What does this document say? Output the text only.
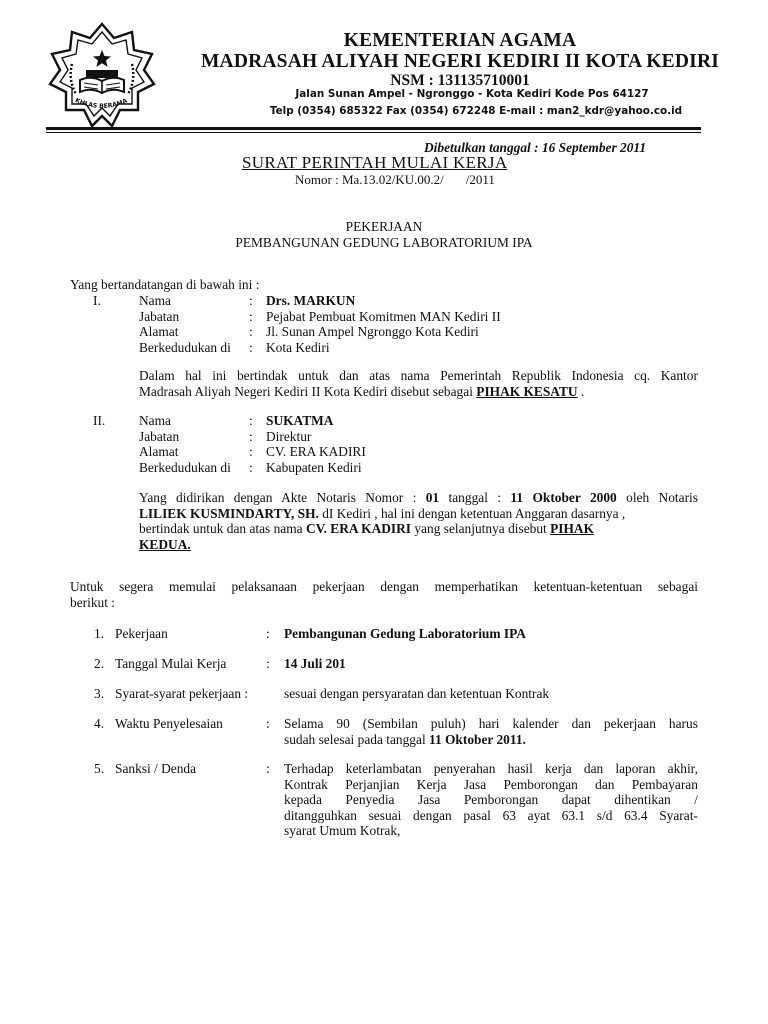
KHLAS BERAMA
KEMENTERIAN AGAMA
MADRASAH ALIYAH NEGERI KEDIRI II KOTA KEDIRI
NSM : 131135710001
Jalan Sunan Ampel - Ngronggo - Kota Kediri Kode Pos 64127
Telp (0354) 685322 Fax (0354) 672248 E-mail : man2_kdr@yahoo.co.id
Dibetulkan tanggal : 16 September 2011
SURAT PERINTAH MULAI KERJA
Nomor : Ma.13.02/KU.00.2/ /2011
PEKERJAAN
PEMBANGUNAN GEDUNG LABORATORIUM IPA
Yang bertandatangan di bawah ini :
I.	Nama	: Drs. MARKUN
Jabatan	: Pejabat Pembuat Komitmen MAN Kediri II
Alamat	: Jl. Sunan Ampel Ngronggo Kota Kediri
Berkedudukan di : Kota Kediri
Dalam hal ini bertindak untuk dan atas nama Pemerintah Republik Indonesia cq. Kantor
Madrasah Aliyah Negeri Kediri II Kota Kediri disebut sebagai PIHAK KESATU .
II.	Nama	: SUKATMA
Jabatan	: Direktur
Alamat	: CV. ERA KADIRI
Berkedudukan di : Kabupaten Kediri
Yang didirikan dengan Akte Notaris Nomor : 01 tanggal : 11 Oktober 2000 oleh Notaris
LILIEK KUSMINDARTY, SH. dI Kediri , hal ini dengan ketentuan Anggaran dasarnya ,
bertindak untuk dan atas nama CV. ERA KADIRI yang selanjutnya disebut PIHAK
KEDUA.
Untuk segera memulai pelaksanaan pekerjaan dengan memperhatikan ketentuan-ketentuan sebagai
berikut :
1. Pekerjaan	: Pembangunan Gedung Laboratorium IPA
2. Tanggal Mulai Kerja	: 14 Juli 201
3. Syarat-syarat pekerjaan :	sesuai dengan persyaratan dan ketentuan Kontrak
4. Waktu Penyelesaian	: Selama 90 (Sembilan puluh) hari kalender dan pekerjaan harus
sudah selesai pada tanggal 11 Oktober 2011.
5. Sanksi / Denda	: Terhadap keterlambatan penyerahan hasil kerja dan laporan akhir,
Kontrak Perjanjian Kerja Jasa Pemborongan dan Pembayaran
kepada Penyedia Jasa Pemborongan dapat dihentikan /
ditangguhkan sesuai dengan pasal 63 ayat 63.1 s/d 63.4 Syarat-
syarat Umum Kotrak,
